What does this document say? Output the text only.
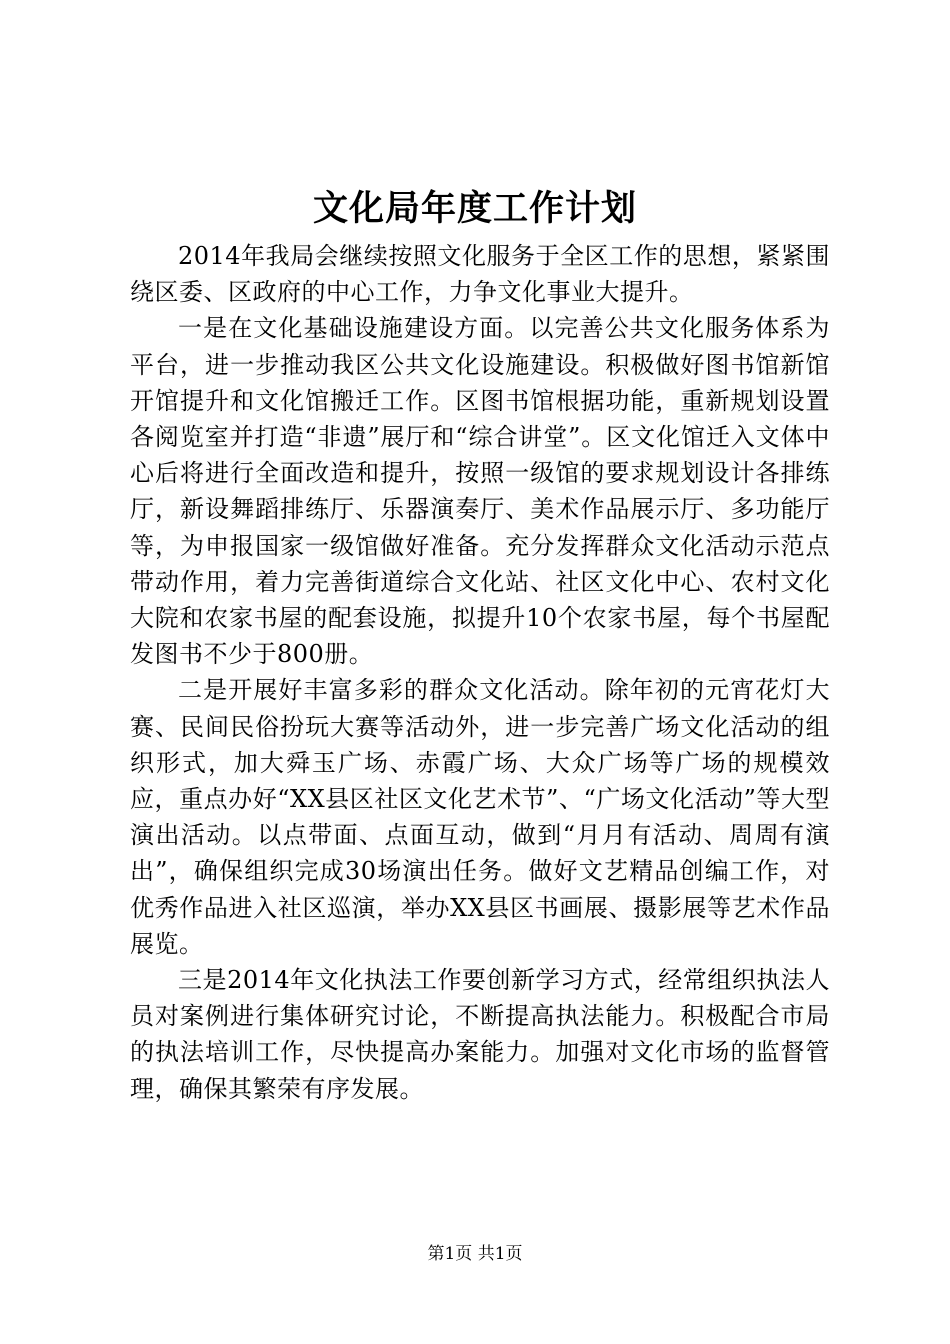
文化局年度工作计划

2014年我局会继续按照文化服务于全区工作的思想，紧紧围绕区委、区政府的中心工作，力争文化事业大提升。

一是在文化基础设施建设方面。以完善公共文化服务体系为平台，进一步推动我区公共文化设施建设。积极做好图书馆新馆开馆提升和文化馆搬迁工作。区图书馆根据功能，重新规划设置各阅览室并打造“非遗”展厅和“综合讲堂”。区文化馆迁入文体中心后将进行全面改造和提升，按照一级馆的要求规划设计各排练厅，新设舞蹈排练厅、乐器演奏厅、美术作品展示厅、多功能厅等，为申报国家一级馆做好准备。充分发挥群众文化活动示范点带动作用，着力完善街道综合文化站、社区文化中心、农村文化大院和农家书屋的配套设施，拟提升10个农家书屋，每个书屋配发图书不少于800册。

二是开展好丰富多彩的群众文化活动。除年初的元宵花灯大赛、民间民俗扮玩大赛等活动外，进一步完善广场文化活动的组织形式，加大舜玉广场、赤霞广场、大众广场等广场的规模效应，重点办好“XX县区社区文化艺术节”、“广场文化活动”等大型演出活动。以点带面、点面互动，做到“月月有活动、周周有演出”，确保组织完成30场演出任务。做好文艺精品创编工作，对优秀作品进入社区巡演，举办XX县区书画展、摄影展等艺术作品展览。

三是2014年文化执法工作要创新学习方式，经常组织执法人员对案例进行集体研究讨论，不断提高执法能力。积极配合市局的执法培训工作，尽快提高办案能力。加强对文化市场的监督管理，确保其繁荣有序发展。

第1页 共1页
